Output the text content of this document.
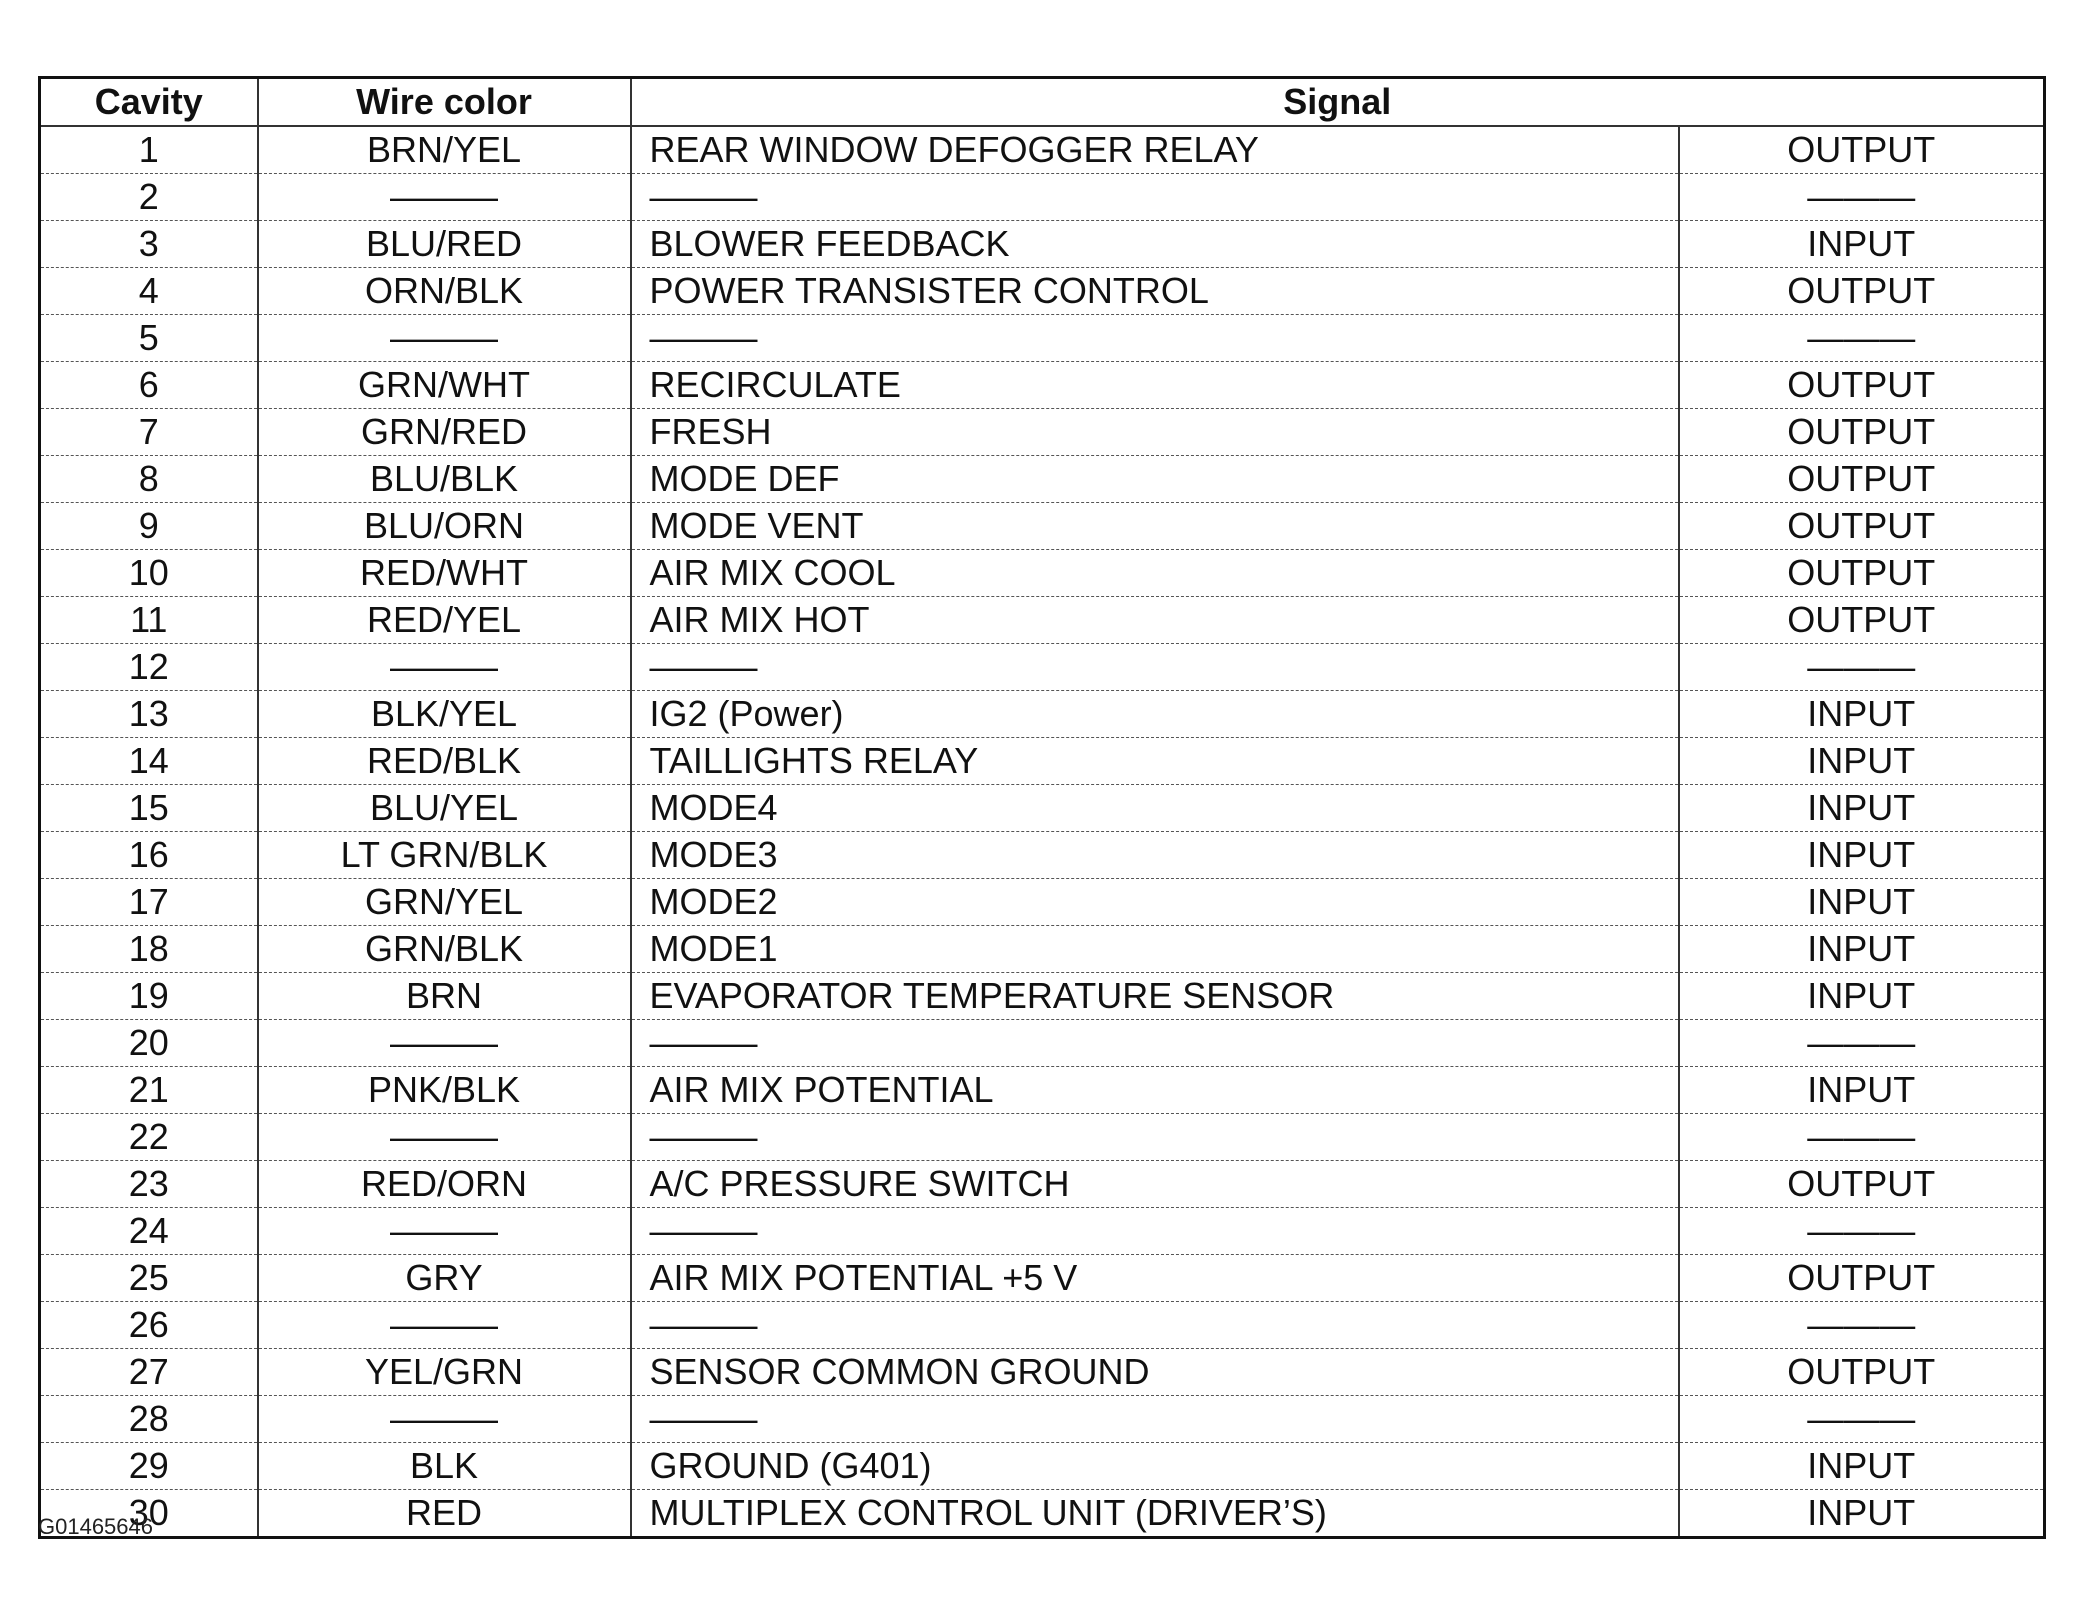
Cavity	Wire color	Signal	
1	BRN/YEL	REAR WINDOW DEFOGGER RELAY	OUTPUT
2	———	———	———
3	BLU/RED	BLOWER FEEDBACK	INPUT
4	ORN/BLK	POWER TRANSISTER CONTROL	OUTPUT
5	———	———	———
6	GRN/WHT	RECIRCULATE	OUTPUT
7	GRN/RED	FRESH	OUTPUT
8	BLU/BLK	MODE DEF	OUTPUT
9	BLU/ORN	MODE VENT	OUTPUT
10	RED/WHT	AIR MIX COOL	OUTPUT
11	RED/YEL	AIR MIX HOT	OUTPUT
12	———	———	———
13	BLK/YEL	IG2 (Power)	INPUT
14	RED/BLK	TAILLIGHTS RELAY	INPUT
15	BLU/YEL	MODE4	INPUT
16	LT GRN/BLK	MODE3	INPUT
17	GRN/YEL	MODE2	INPUT
18	GRN/BLK	MODE1	INPUT
19	BRN	EVAPORATOR TEMPERATURE SENSOR	INPUT
20	———	———	———
21	PNK/BLK	AIR MIX POTENTIAL	INPUT
22	———	———	———
23	RED/ORN	A/C PRESSURE SWITCH	OUTPUT
24	———	———	———
25	GRY	AIR MIX POTENTIAL +5 V	OUTPUT
26	———	———	———
27	YEL/GRN	SENSOR COMMON GROUND	OUTPUT
28	———	———	———
29	BLK	GROUND (G401)	INPUT
30	RED	MULTIPLEX CONTROL UNIT (DRIVER’S)	INPUT
G01465646
